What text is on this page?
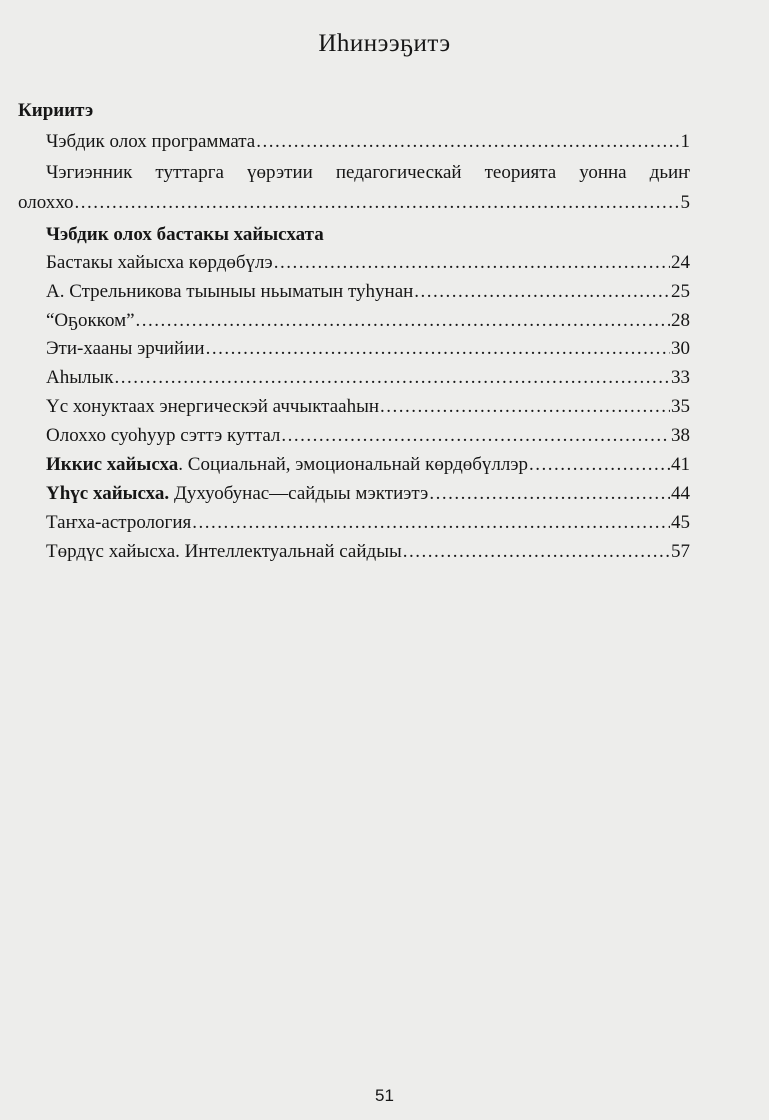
Иhинээҕитэ
Кириитэ
Чэбдик олох программата .....	1
Чэгиэнник туттарга үөрэтии педагогическай теорията уонна дьиҥ
олоххо .....	5
Чэбдик олох бастакы хайысхата
Бастакы хайысха көрдөбүлэ .....	24
А. Стрельникова тыыныы ньыматын туhунан .....	25
“Оҕокком” .....	28
Эти-хааны эрчийии .....	30
Аhылык .....	33
Үс хонуктаах энергическэй аччыктааhын .....	35
Олоххо суоhуур сэттэ куттал .....	38
Иккис хайысха. Социальнай, эмоциональнай көрдөбүллэр .....	41
Үhүс хайысха. Духуобунас—сайдыы мэктиэтэ .....	44
Таҥха-астрология .....	45
Төрдүс хайысха. Интеллектуальнай сайдыы .....	57
51
